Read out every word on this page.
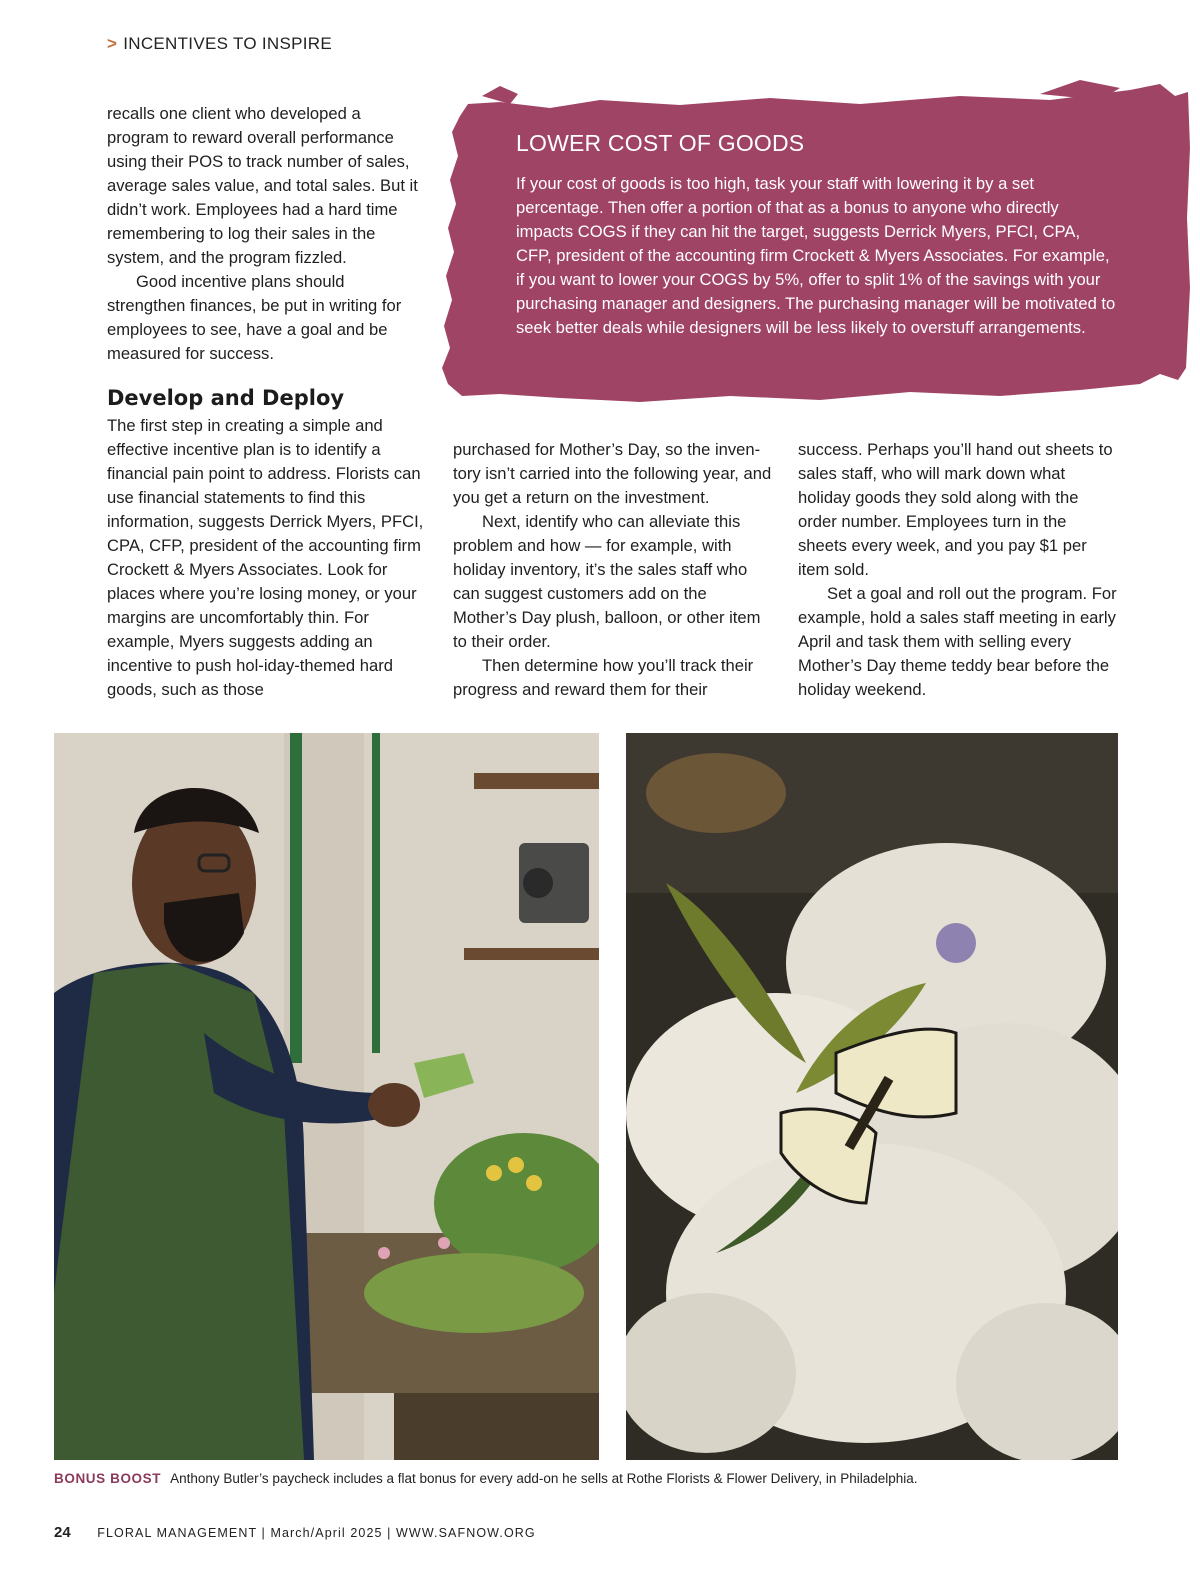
> INCENTIVES TO INSPIRE

recalls one client who developed a program to reward overall performance using their POS to track number of sales, average sales value, and total sales. But it didn’t work. Employees had a hard time remembering to log their sales in the system, and the program fizzled.

Good incentive plans should strengthen finances, be put in writing for employees to see, have a goal and be measured for success.

Develop and Deploy

The first step in creating a simple and effective incentive plan is to identify a financial pain point to address. Florists can use financial statements to find this information, suggests Derrick Myers, PFCI, CPA, CFP, president of the accounting firm Crockett & Myers Associates. Look for places where you’re losing money, or your margins are uncomfortably thin. For example, Myers suggests adding an incentive to push hol-iday-themed hard goods, such as those

purchased for Mother’s Day, so the inven-tory isn’t carried into the following year, and you get a return on the investment.

Next, identify who can alleviate this problem and how — for example, with holiday inventory, it’s the sales staff who can suggest customers add on the Mother’s Day plush, balloon, or other item to their order.

Then determine how you’ll track their progress and reward them for their

success. Perhaps you’ll hand out sheets to sales staff, who will mark down what holiday goods they sold along with the order number. Employees turn in the sheets every week, and you pay $1 per item sold.

Set a goal and roll out the program. For example, hold a sales staff meeting in early April and task them with selling every Mother’s Day theme teddy bear before the holiday weekend.

LOWER COST OF GOODS

If your cost of goods is too high, task your staff with lowering it by a set percentage. Then offer a portion of that as a bonus to anyone who directly impacts COGS if they can hit the target, suggests Derrick Myers, PFCI, CPA, CFP, president of the accounting firm Crockett & Myers Associates. For example, if you want to lower your COGS by 5%, offer to split 1% of the savings with your purchasing manager and designers. The purchasing manager will be motivated to seek better deals while designers will be less likely to overstuff arrangements.

BONUS BOOST Anthony Butler’s paycheck includes a flat bonus for every add-on he sells at Rothe Florists & Flower Delivery, in Philadelphia.
24 FLORAL MANAGEMENT | March/April 2025 | WWW.SAFNOW.ORG
